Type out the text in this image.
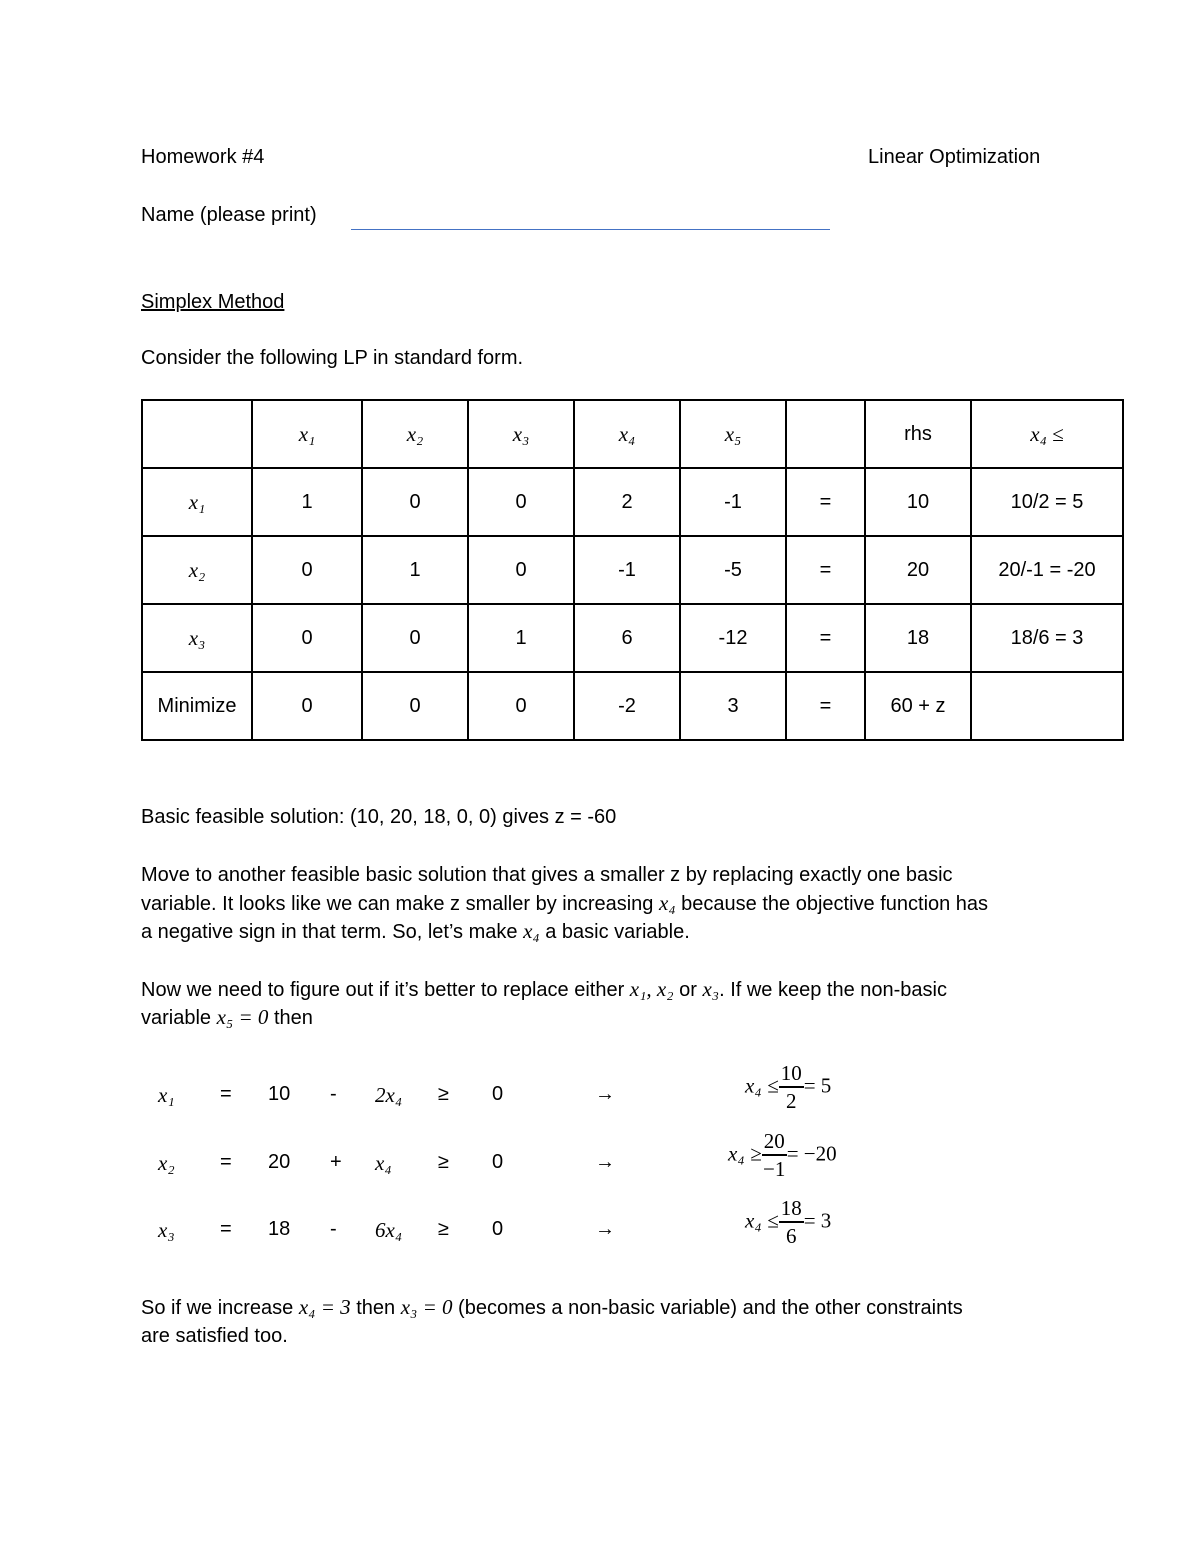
Homework #4	Linear Optimization
Name (please print)
Simplex Method
Consider the following LP in standard form.
	x₁	x₂	x₃	x₄	x₅		rhs	x₄ ≤
x₁	1	0	0	2	-1	=	10	10/2 = 5
x₂	0	1	0	-1	-5	=	20	20/-1 = -20
x₃	0	0	1	6	-12	=	18	18/6 = 3
Minimize	0	0	0	-2	3	=	60 + z	
Basic feasible solution: (10, 20, 18, 0, 0) gives z = -60
Move to another feasible basic solution that gives a smaller z by replacing exactly one basic
variable. It looks like we can make z smaller by increasing x₄ because the objective function has
a negative sign in that term. So, let’s make x₄ a basic variable.
Now we need to figure out if it’s better to replace either x₁, x₂ or x₃. If we keep the non-basic
variable x₅ = 0 then
x₁ = 10 - 2x₄ ≥ 0	→	$x_4 \le \frac{10}{2} = 5$
x₂ = 20 + x₄ ≥ 0	→	$x_4 \ge \frac{20}{-1} = -20$
x₃ = 18 - 6x₄ ≥ 0	→	$x_4 \le \frac{18}{6} = 3$
So if we increase x₄ = 3 then x₃ = 0 (becomes a non-basic variable) and the other constraints
are satisfied too.
